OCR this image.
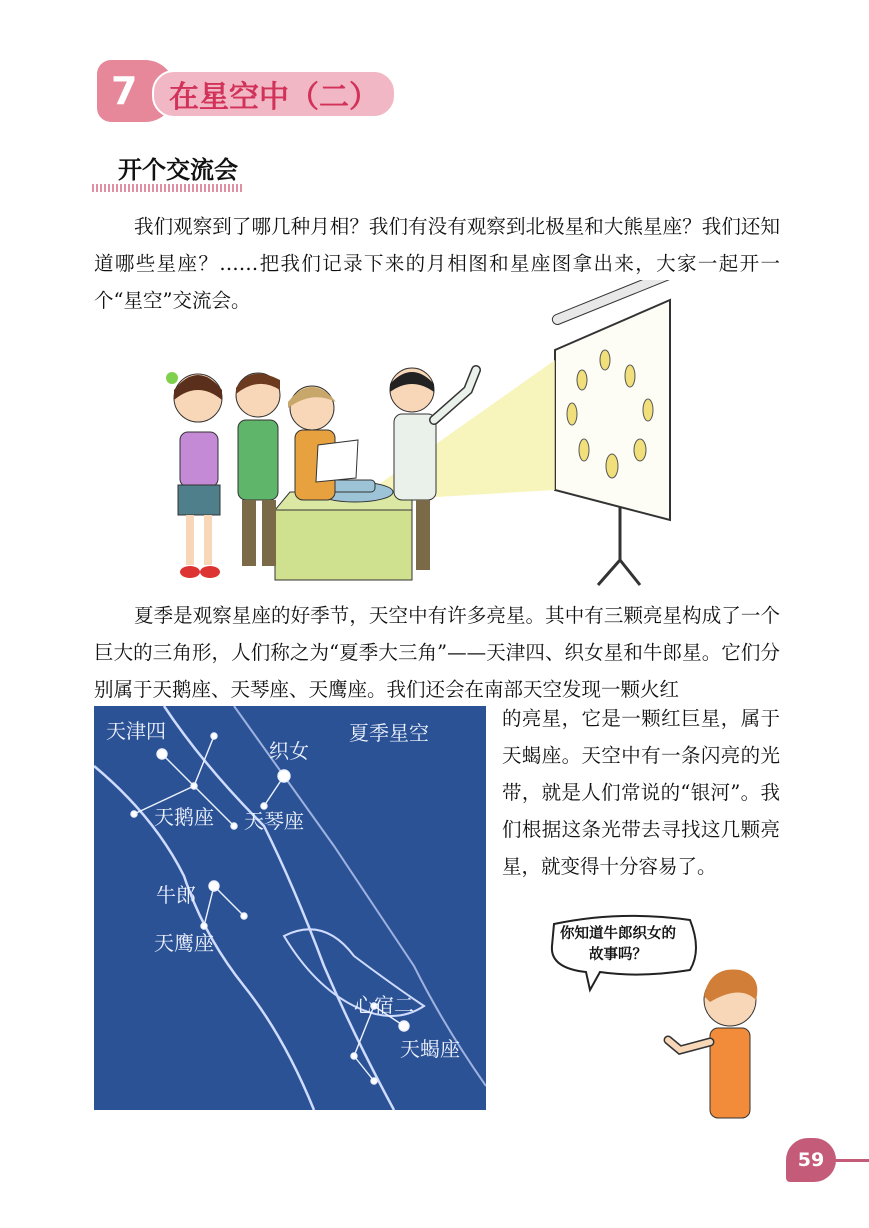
7	在星空中（二）
开个交流会
我们观察到了哪几种月相？我们有没有观察到北极星和大熊星座？我们还知道哪些星座？……把我们记录下来的月相图和星座图拿出来，大家一起开一个“星空”交流会。
夏季是观察星座的好季节，天空中有许多亮星。其中有三颗亮星构成了一个巨大的三角形，人们称之为“夏季大三角”——天津四、织女星和牛郎星。它们分别属于天鹅座、天琴座、天鹰座。我们还会在南部天空发现一颗火红
天津四	夏季星空
织女
天鹅座 天琴座
牛郎
天鹰座
心宿二
天蝎座
的亮星，它是一颗红巨星，属于天蝎座。天空中有一条闪亮的光带，就是人们常说的“银河”。我们根据这条光带去寻找这几颗亮星，就变得十分容易了。
你知道牛郎织女的故事吗？
59
